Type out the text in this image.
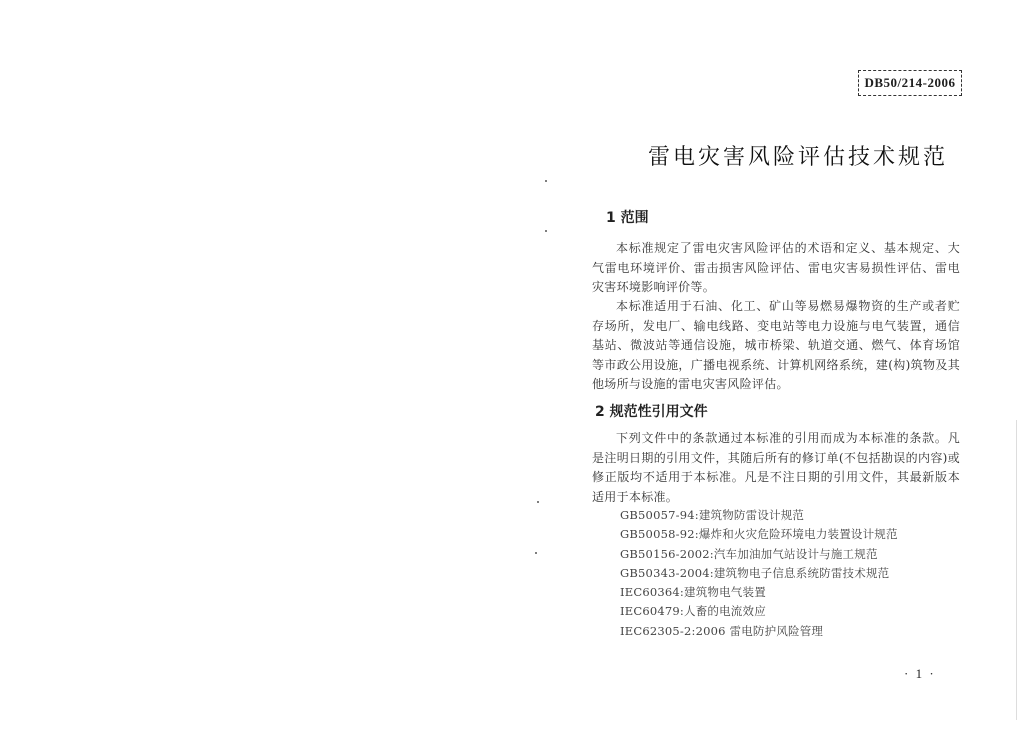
DB50/214-2006
雷电灾害风险评估技术规范
1 范围
本标准规定了雷电灾害风险评估的术语和定义、基本规定、大气雷电环境评价、雷击损害风险评估、雷电灾害易损性评估、雷电灾害环境影响评价等。
本标准适用于石油、化工、矿山等易燃易爆物资的生产或者贮存场所，发电厂、输电线路、变电站等电力设施与电气装置，通信基站、微波站等通信设施，城市桥梁、轨道交通、燃气、体育场馆等市政公用设施，广播电视系统、计算机网络系统，建(构)筑物及其他场所与设施的雷电灾害风险评估。
2 规范性引用文件
下列文件中的条款通过本标准的引用而成为本标准的条款。凡是注明日期的引用文件，其随后所有的修订单(不包括勘误的内容)或修正版均不适用于本标准。凡是不注日期的引用文件，其最新版本适用于本标准。
GB50057-94:建筑物防雷设计规范
GB50058-92:爆炸和火灾危险环境电力装置设计规范
GB50156-2002:汽车加油加气站设计与施工规范
GB50343-2004:建筑物电子信息系统防雷技术规范
IEC60364:建筑物电气装置
IEC60479:人畜的电流效应
IEC62305-2:2006 雷电防护风险管理
· 1 ·
